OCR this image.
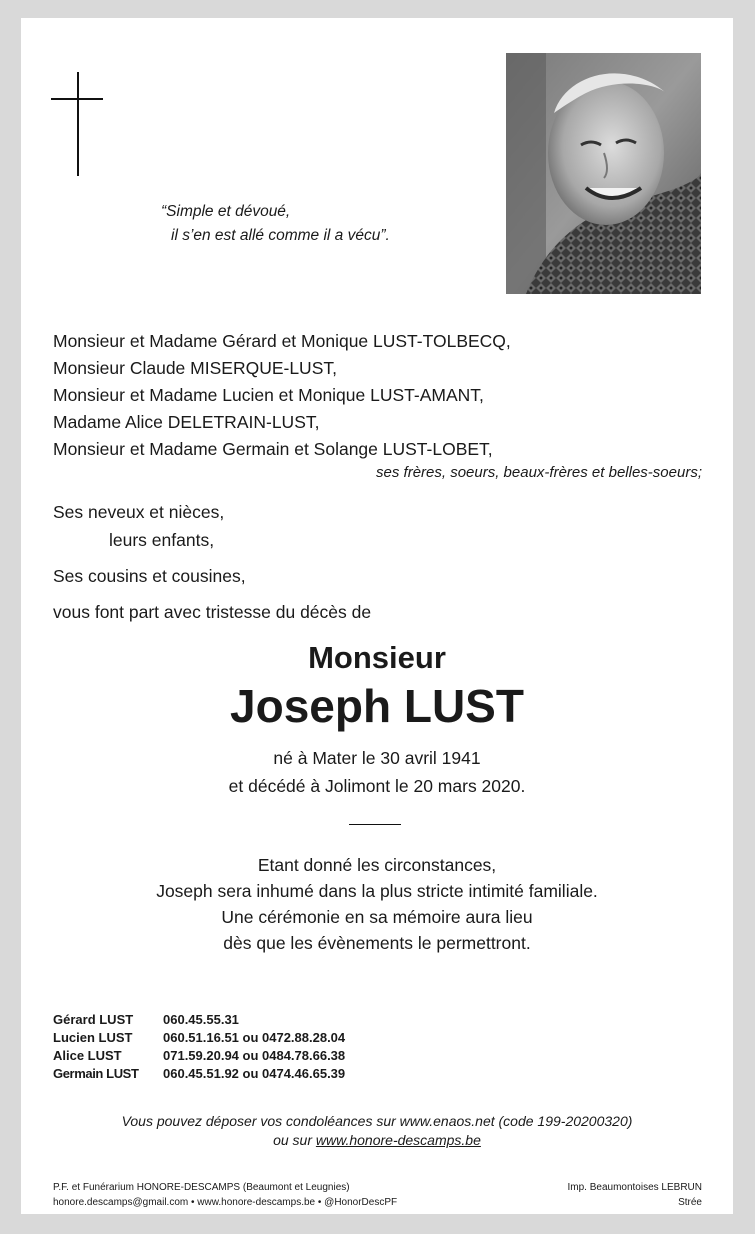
“Simple et dévoué,
il s’en est allé comme il a vécu”.
Monsieur et Madame Gérard et Monique LUST-TOLBECQ,
Monsieur Claude MISERQUE-LUST,
Monsieur et Madame Lucien et Monique LUST-AMANT,
Madame Alice DELETRAIN-LUST,
Monsieur et Madame Germain et Solange LUST-LOBET,
ses frères, soeurs, beaux-frères et belles-soeurs;
Ses neveux et nièces,
leurs enfants,
Ses cousins et cousines,
vous font part avec tristesse du décès de
Monsieur
Joseph LUST
né à Mater le 30 avril 1941
et décédé à Jolimont le 20 mars 2020.
Etant donné les circonstances,
Joseph sera inhumé dans la plus stricte intimité familiale.
Une cérémonie en sa mémoire aura lieu
dès que les évènements le permettront.
Gérard LUST 060.45.55.31
Lucien LUST 060.51.16.51 ou 0472.88.28.04
Alice LUST	071.59.20.94 ou 0484.78.66.38
Germain LUST 060.45.51.92 ou 0474.46.65.39
Vous pouvez déposer vos condoléances sur www.enaos.net (code 199-20200320)
ou sur www.honore-descamps.be
P.F. et Funérarium HONORE-DESCAMPS (Beaumont et Leugnies)
honore.descamps@gmail.com • www.honore-descamps.be • @HonorDescPF
Imp. Beaumontoises LEBRUN
Strée
